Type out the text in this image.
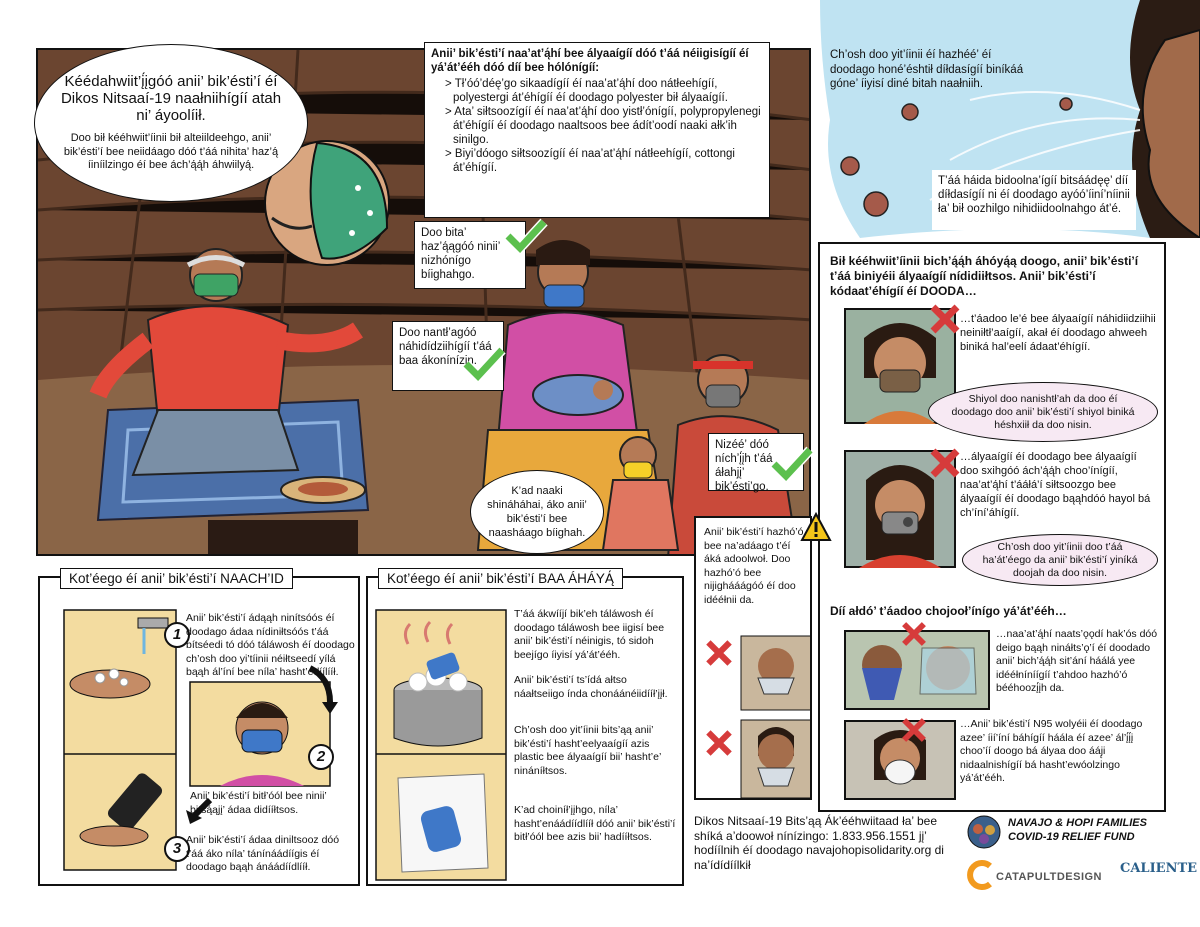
Kéédahwiit’į́įgóó anii’ bik’ésti’í éí Dikos Nitsaaí-19 naałniihígíí atah ni’ áyoolíił.
Doo bił kééhwiit’íinii bił alteiildeehgo, anii’ bik’ésti’í bee neiidáago dóó t’áá nihita’ haz’ą́ íiníilzingo éí bee ách’ą́ą́h áhwiilyą́.
Anii’ bik’ésti’í naa’at’ą́hí bee ályaaígíí dóó t’áá néiigisígíí éí yá’át’ééh dóó díí bee hólónígíí:
> Tł’óó’déę’go sikaadígíí éí naa’at’ą́hí doo nátłeehígíí, polyestergi át’éhígíí éí doodago polyester bił ályaaígíí.
> Ata’ siłtsoozígíí éí naa’at’ą́hí doo yistł’ónígíí, polypropylenegi át’éhígíí éí doodago naaltsoos bee ádít’oodí naaki ałk’ih sinilgo.
> Biyi’dóogo siłtsoozígíí éí naa’at’ą́hí nátłeehígíí, cottongi át’éhígíí.
Doo bita’ haz’ą́ągóó ninii’ nizhónígo bíighahgo.
Doo nantł’agóó náhidídziihígíí t’áá baa ákonínízin.
Nizéé’ dóó níchʼį́įh t’áá áłahjį’ bik’ésti’go.
K’ad naaki shináháhai, áko anii’ bik’ésti’í bee naasháago bíighah.
Ch’osh doo yit’íinii éí hazhéé’ éí doodago honé’éshtił díłdasígíí biníkáá góne’ íiyisí diné bitah naałniih.
T’áá háida bidoolna’ígíí bitsáádęę’ díí díłdasígíí ni éí doodago ayóó’íiní’níinii ła’ bił oozhilgo nihidiidoolnahgo át’é.
Bił kééhwiit’íinii bich’ą́ą́h áhóyą́ą doogo, anii’ bik’ésti’í t’áá biniyéii ályaaígíí nídidiiłtsos. Anii’ bik’ésti’í kódaat’éhígíí éí DOODA…
…t’áadoo le’é bee ályaaígíí náhidiidziihii neiniłtł’aaígíí, akał éí doodago ahweeh biniká hal’eelí ádaat’éhígíí.
Shiyol doo nanishtł’ah da doo éí doodago doo anii’ bik’ésti’í shiyol biniká héshxiił da doo nisin.
…ályaaígíí éí doodago bee ályaaígíí doo sxihgóó ách’ą́ą́h choo’ínígíí, naa’at’ą́hí t’ááłá’í siłtsoozgo bee ályaaígíí éí doodago bąąhdóó hayol bá ch’íní’áhígíí.
Ch’osh doo yit’íinii doo t’áá ha’át’éego da anii’ bik’ésti’í yiníká doojah da doo nisin.
Díí ałdó’ t’áadoo chojooł’ínígo yá’át’ééh…
…naa’at’ą́hí naats’ǫǫdí hak’ós dóó deigo bąąh nináłts’ǫ’í éí doodado anii’ bich’ą́ą́h sit’ání háálá yee idééłníníígíí t’ahdoo hazhó’ó bééhoozį́įh da.
…Anii’ bik’ésti’í N95 wolyéii éí doodago azee’ íií’íní báhígíí háála éí azee’ ál’į́į́į choo’íí doogo bá ályaa doo ááj̨i nidaalnishígíí bá hasht’ewóolzingo yá’át’ééh.
1
2
3
Anii’ bik’ésti’í ádąąh ninítsóós éí doodago ádaa nídiniłtsóós t’áá bítséedi tó dóó táláwosh éí doodago ch’osh doo yi’tíinii néiłtseedí yílá bąąh ál’íní bee níla’ hasht’edíílííł.
Anii’ bik’ésti’í bitł’óól bee ninii’ bitsą́ąjį’ ádaa didííłtsos.
Anii’ bik’ésti’í ádaa diniltsooz dóó t’áá áko níla’ tánínáádíígis éí doodago bąąh ánáádíídlííł.
Kot’éego éí anii’ bik’ésti’í NAACH’ID
T’áá ákwííjí bik’eh táláwosh éí doodago táláwosh bee iigisí bee anii’ bik’ésti’í néinigis, tó sidoh beejígo íiyisí yá’át’ééh.
Anii’ bik’ésti’í ts’ídá ałtso náałtseiigo índa chonáánéiidííł’įįł.
Ch’osh doo yit’íinii bits’ąą anii’ bik’ésti’í hasht’eelyaaígíí azis plastic bee ályaaígíí bii’ hasht’e’ nináníłtsos.
K’ad choiníł’įįhgo, níla’ hasht’enáádíídlííł dóó anii’ bik’ésti’í bitł’óól bee azis bii’ hadííłtsos.
Kot’éego éí anii’ bik’ésti’í BAA ÁHÁYĄ́
Anii’ bik’ésti’í hazhó’ó bee na’adáago t’éí áká adoolwoł. Doo hazhó’ó bee nijighááágóó éí doo idééłnii da.
Dikos Nitsaaí-19 Bits’ąą Ák’ééhwiitaad ła’ bee shíká a’doowoł nínízingo: 1.833.956.1551 jį’ hodíílnih éí doodago navajohopisolidarity.org di na’ídídíílkił
NAVAJO & HOPI FAMILIES
COVID-19 RELIEF FUND
CATAPULTDESIGN
CALIENTE
